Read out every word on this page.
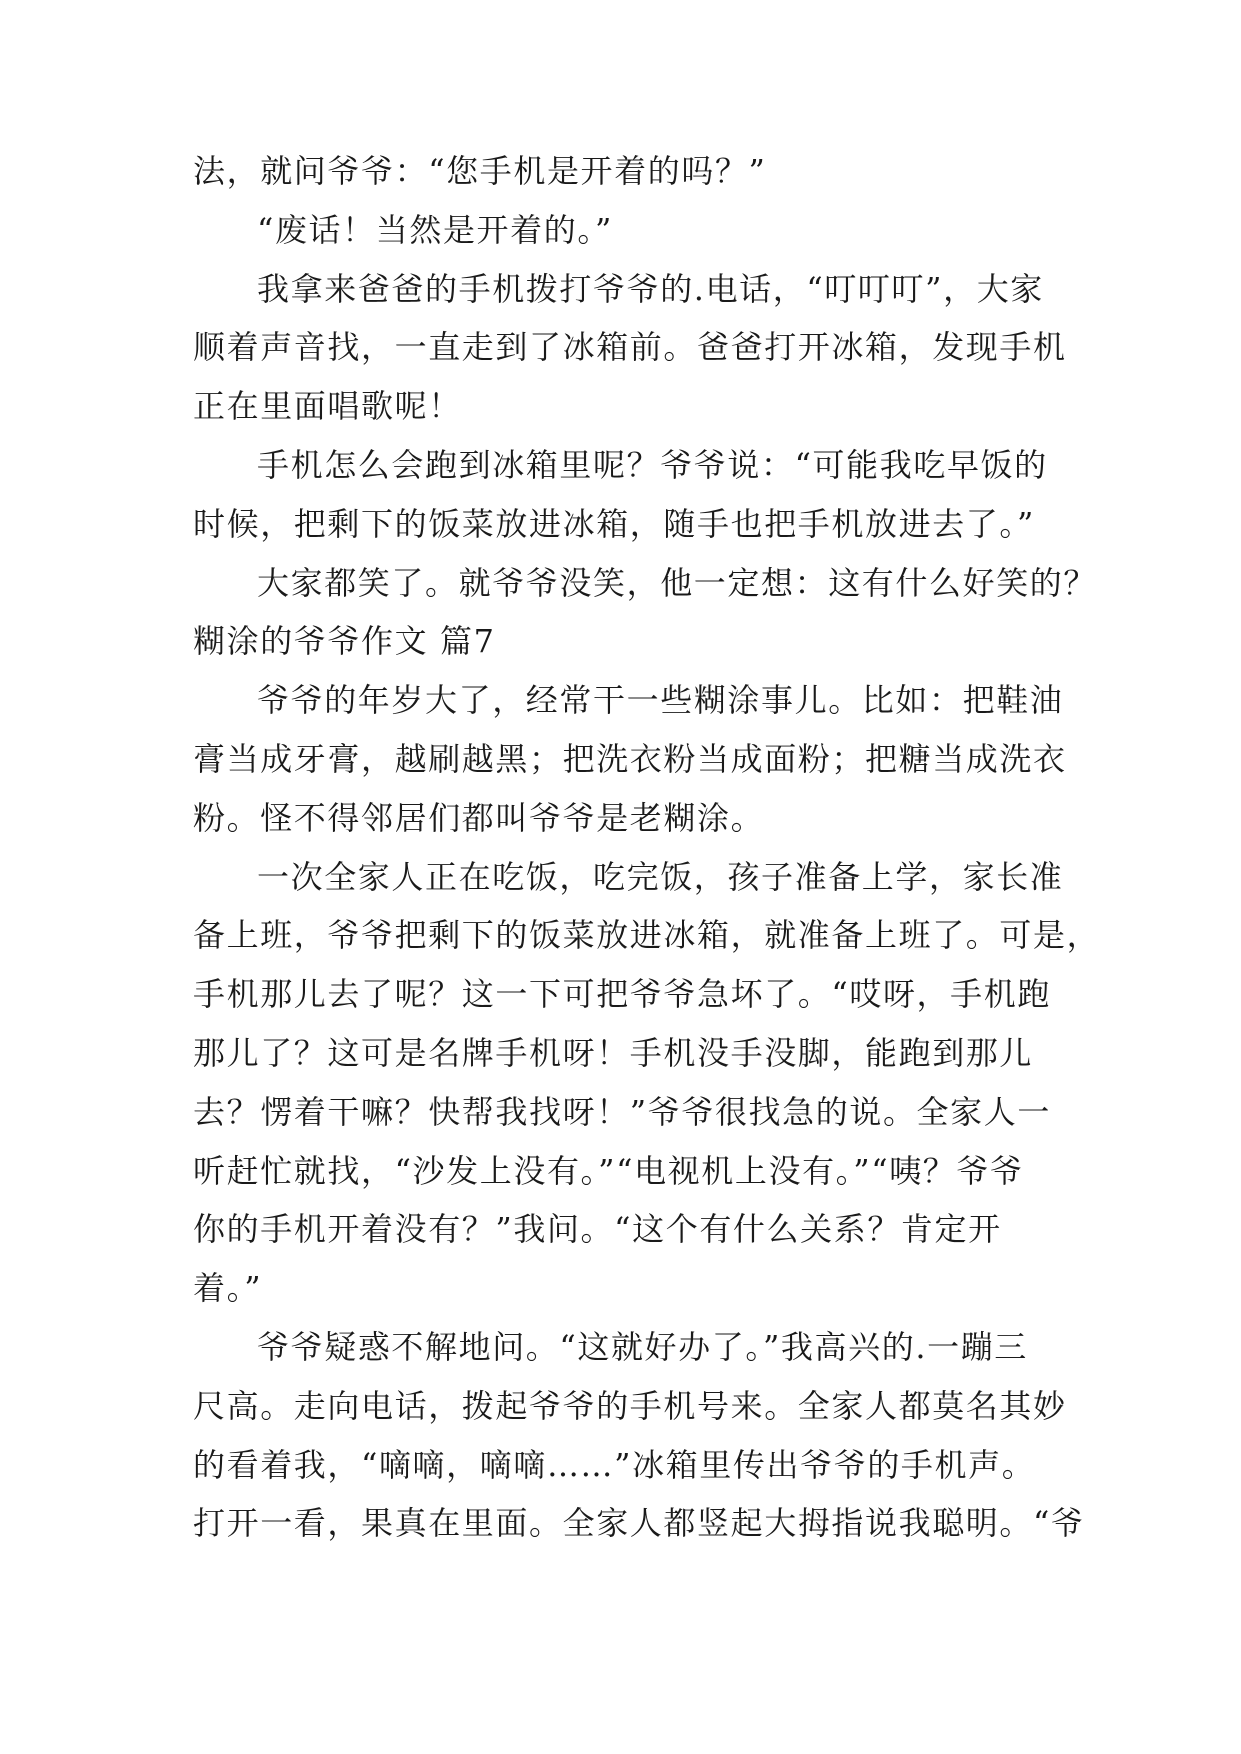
法，就问爷爷：“您手机是开着的吗？”
“废话！当然是开着的。”
我拿来爸爸的手机拨打爷爷的.电话，“叮叮叮”，大家
顺着声音找，一直走到了冰箱前。爸爸打开冰箱，发现手机
正在里面唱歌呢！
手机怎么会跑到冰箱里呢？爷爷说：“可能我吃早饭的
时候，把剩下的饭菜放进冰箱，随手也把手机放进去了。”
大家都笑了。就爷爷没笑，他一定想：这有什么好笑的？
糊涂的爷爷作文 篇7
爷爷的年岁大了，经常干一些糊涂事儿。比如：把鞋油
膏当成牙膏，越刷越黑；把洗衣粉当成面粉；把糖当成洗衣
粉。怪不得邻居们都叫爷爷是老糊涂。
一次全家人正在吃饭，吃完饭，孩子准备上学，家长准
备上班，爷爷把剩下的饭菜放进冰箱，就准备上班了。可是，
手机那儿去了呢？这一下可把爷爷急坏了。“哎呀，手机跑
那儿了？这可是名牌手机呀！手机没手没脚，能跑到那儿
去？愣着干嘛？快帮我找呀！”爷爷很找急的说。全家人一
听赶忙就找，“沙发上没有。”“电视机上没有。”“咦？爷爷
你的手机开着没有？”我问。“这个有什么关系？肯定开
着。”
爷爷疑惑不解地问。“这就好办了。”我高兴的.一蹦三
尺高。走向电话，拨起爷爷的手机号来。全家人都莫名其妙
的看着我，“嘀嘀，嘀嘀……”冰箱里传出爷爷的手机声。
打开一看，果真在里面。全家人都竖起大拇指说我聪明。“爷
